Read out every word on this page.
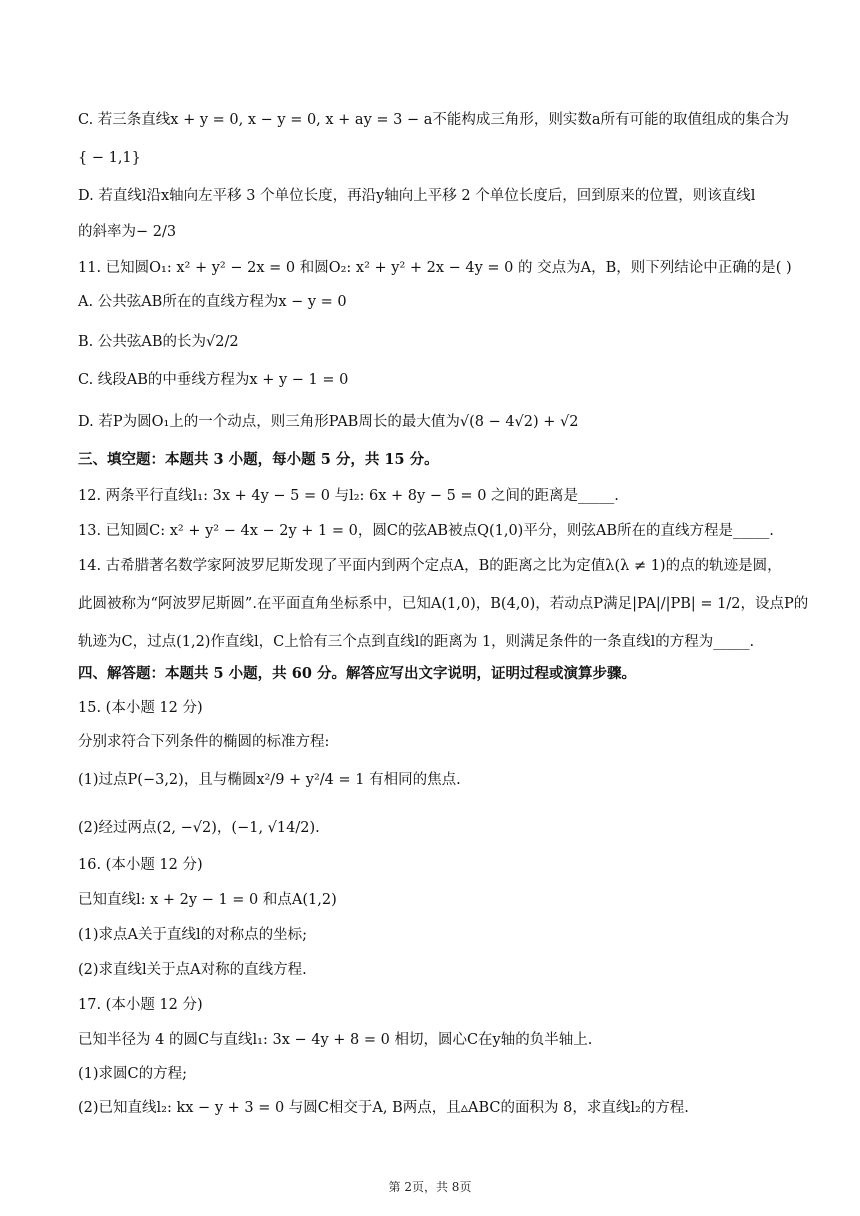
C. 若三条直线x + y = 0, x − y = 0, x + ay = 3 − a不能构成三角形，则实数a所有可能的取值组成的集合为
{ − 1,1}
D. 若直线l沿x轴向左平移 3 个单位长度，再沿y轴向上平移 2 个单位长度后，回到原来的位置，则该直线l
的斜率为− 2/3
11. 已知圆O₁: x² + y² − 2x = 0 和圆O₂: x² + y² + 2x − 4y = 0 的 交点为A，B，则下列结论中正确的是( )
A. 公共弦AB所在的直线方程为x − y = 0
B. 公共弦AB的长为√2/2
C. 线段AB的中垂线方程为x + y − 1 = 0
D. 若P为圆O₁上的一个动点，则三角形PAB周长的最大值为√(8 − 4√2) + √2
三、填空题：本题共 3 小题，每小题 5 分，共 15 分。
12. 两条平行直线l₁: 3x + 4y − 5 = 0 与l₂: 6x + 8y − 5 = 0 之间的距离是_____.
13. 已知圆C: x² + y² − 4x − 2y + 1 = 0，圆C的弦AB被点Q(1,0)平分，则弦AB所在的直线方程是_____.
14. 古希腊著名数学家阿波罗尼斯发现了平面内到两个定点A，B的距离之比为定值λ(λ ≠ 1)的点的轨迹是圆，
此圆被称为“阿波罗尼斯圆”.在平面直角坐标系中，已知A(1,0)，B(4,0)，若动点P满足|PA|/|PB| = 1/2，设点P的
轨迹为C，过点(1,2)作直线l，C上恰有三个点到直线l的距离为 1，则满足条件的一条直线l的方程为_____.
四、解答题：本题共 5 小题，共 60 分。解答应写出文字说明，证明过程或演算步骤。
15. (本小题 12 分)
分别求符合下列条件的椭圆的标准方程:
(1)过点P(−3,2)，且与椭圆x²/9 + y²/4 = 1 有相同的焦点.
(2)经过两点(2, −√2)，(−1, √14/2).
16. (本小题 12 分)
已知直线l: x + 2y − 1 = 0 和点A(1,2)
(1)求点A关于直线l的对称点的坐标;
(2)求直线l关于点A对称的直线方程.
17. (本小题 12 分)
已知半径为 4 的圆C与直线l₁: 3x − 4y + 8 = 0 相切，圆心C在y轴的负半轴上.
(1)求圆C的方程;
(2)已知直线l₂: kx − y + 3 = 0 与圆C相交于A, B两点，且▵ABC的面积为 8，求直线l₂的方程.
第 2页，共 8页
